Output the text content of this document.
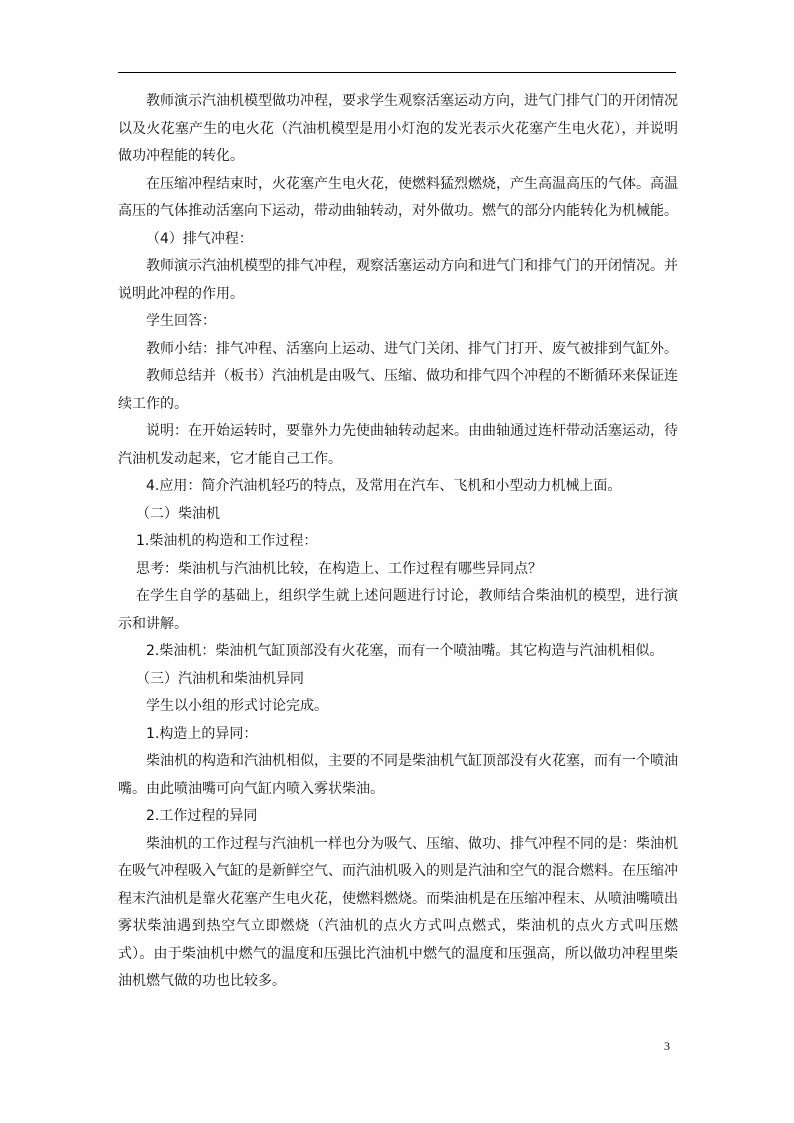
教师演示汽油机模型做功冲程，要求学生观察活塞运动方向，进气门排气门的开闭情况以及火花塞产生的电火花（汽油机模型是用小灯泡的发光表示火花塞产生电火花），并说明做功冲程能的转化。

在压缩冲程结束时，火花塞产生电火花，使燃料猛烈燃烧，产生高温高压的气体。高温高压的气体推动活塞向下运动，带动曲轴转动，对外做功。燃气的部分内能转化为机械能。

（4）排气冲程：

教师演示汽油机模型的排气冲程，观察活塞运动方向和进气门和排气门的开闭情况。并说明此冲程的作用。

学生回答：

教师小结：排气冲程、活塞向上运动、进气门关闭、排气门打开、废气被排到气缸外。

教师总结并（板书）汽油机是由吸气、压缩、做功和排气四个冲程的不断循环来保证连续工作的。

说明：在开始运转时，要靠外力先使曲轴转动起来。由曲轴通过连杆带动活塞运动，待汽油机发动起来，它才能自己工作。

4.应用：简介汽油机轻巧的特点，及常用在汽车、飞机和小型动力机械上面。

（二）柴油机

1.柴油机的构造和工作过程：

思考：柴油机与汽油机比较，在构造上、工作过程有哪些异同点？

在学生自学的基础上，组织学生就上述问题进行讨论，教师结合柴油机的模型，进行演示和讲解。

2.柴油机：柴油机气缸顶部没有火花塞，而有一个喷油嘴。其它构造与汽油机相似。

（三）汽油机和柴油机异同

学生以小组的形式讨论完成。

1.构造上的异同：

柴油机的构造和汽油机相似，主要的不同是柴油机气缸顶部没有火花塞，而有一个喷油嘴。由此喷油嘴可向气缸内喷入雾状柴油。

2.工作过程的异同

柴油机的工作过程与汽油机一样也分为吸气、压缩、做功、排气冲程不同的是：柴油机在吸气冲程吸入气缸的是新鲜空气、而汽油机吸入的则是汽油和空气的混合燃料。在压缩冲程末汽油机是靠火花塞产生电火花，使燃料燃烧。而柴油机是在压缩冲程末、从喷油嘴喷出雾状柴油遇到热空气立即燃烧（汽油机的点火方式叫点燃式，柴油机的点火方式叫压燃式）。由于柴油机中燃气的温度和压强比汽油机中燃气的温度和压强高，所以做功冲程里柴油机燃气做的功也比较多。

3
